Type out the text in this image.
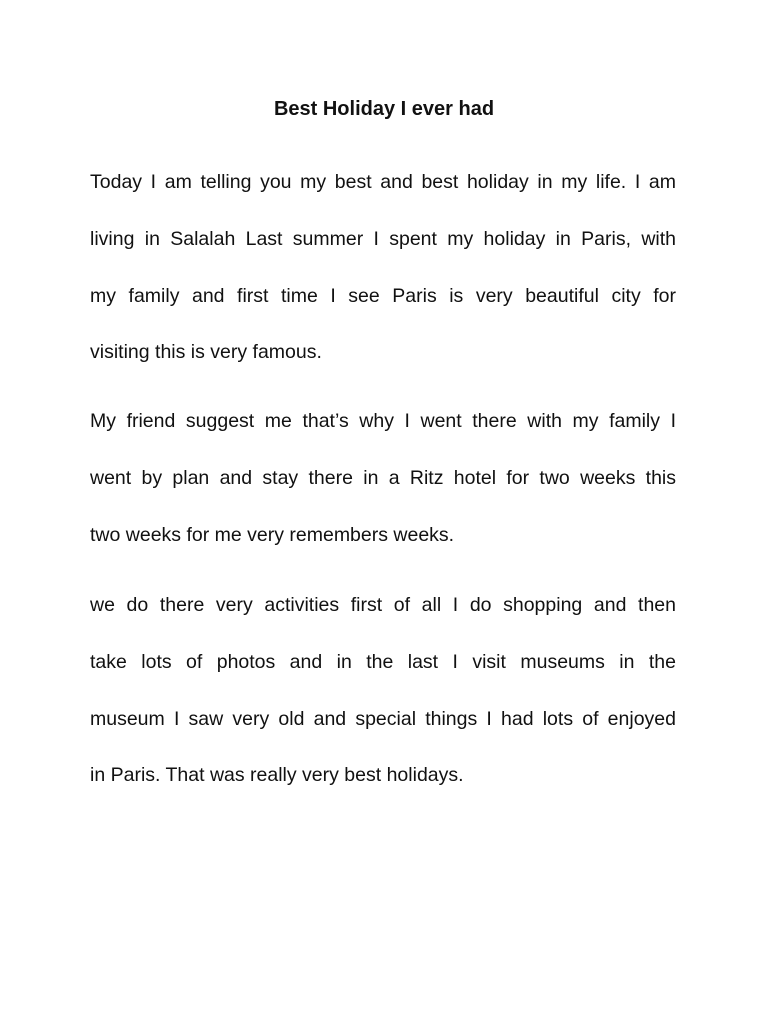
Best Holiday I ever had

Today I am telling you my best and best holiday in my life. I am

living in Salalah Last summer I spent my holiday in Paris, with

my family and first time I see Paris is very beautiful city for

visiting this is very famous.

My friend suggest me that’s why I went there with my family I

went by plan and stay there in a Ritz hotel for two weeks this

two weeks for me very remembers weeks.

we do there very activities first of all I do shopping and then

take lots of photos and in the last I visit museums in the

museum I saw very old and special things I had lots of enjoyed

in Paris. That was really very best holidays.
